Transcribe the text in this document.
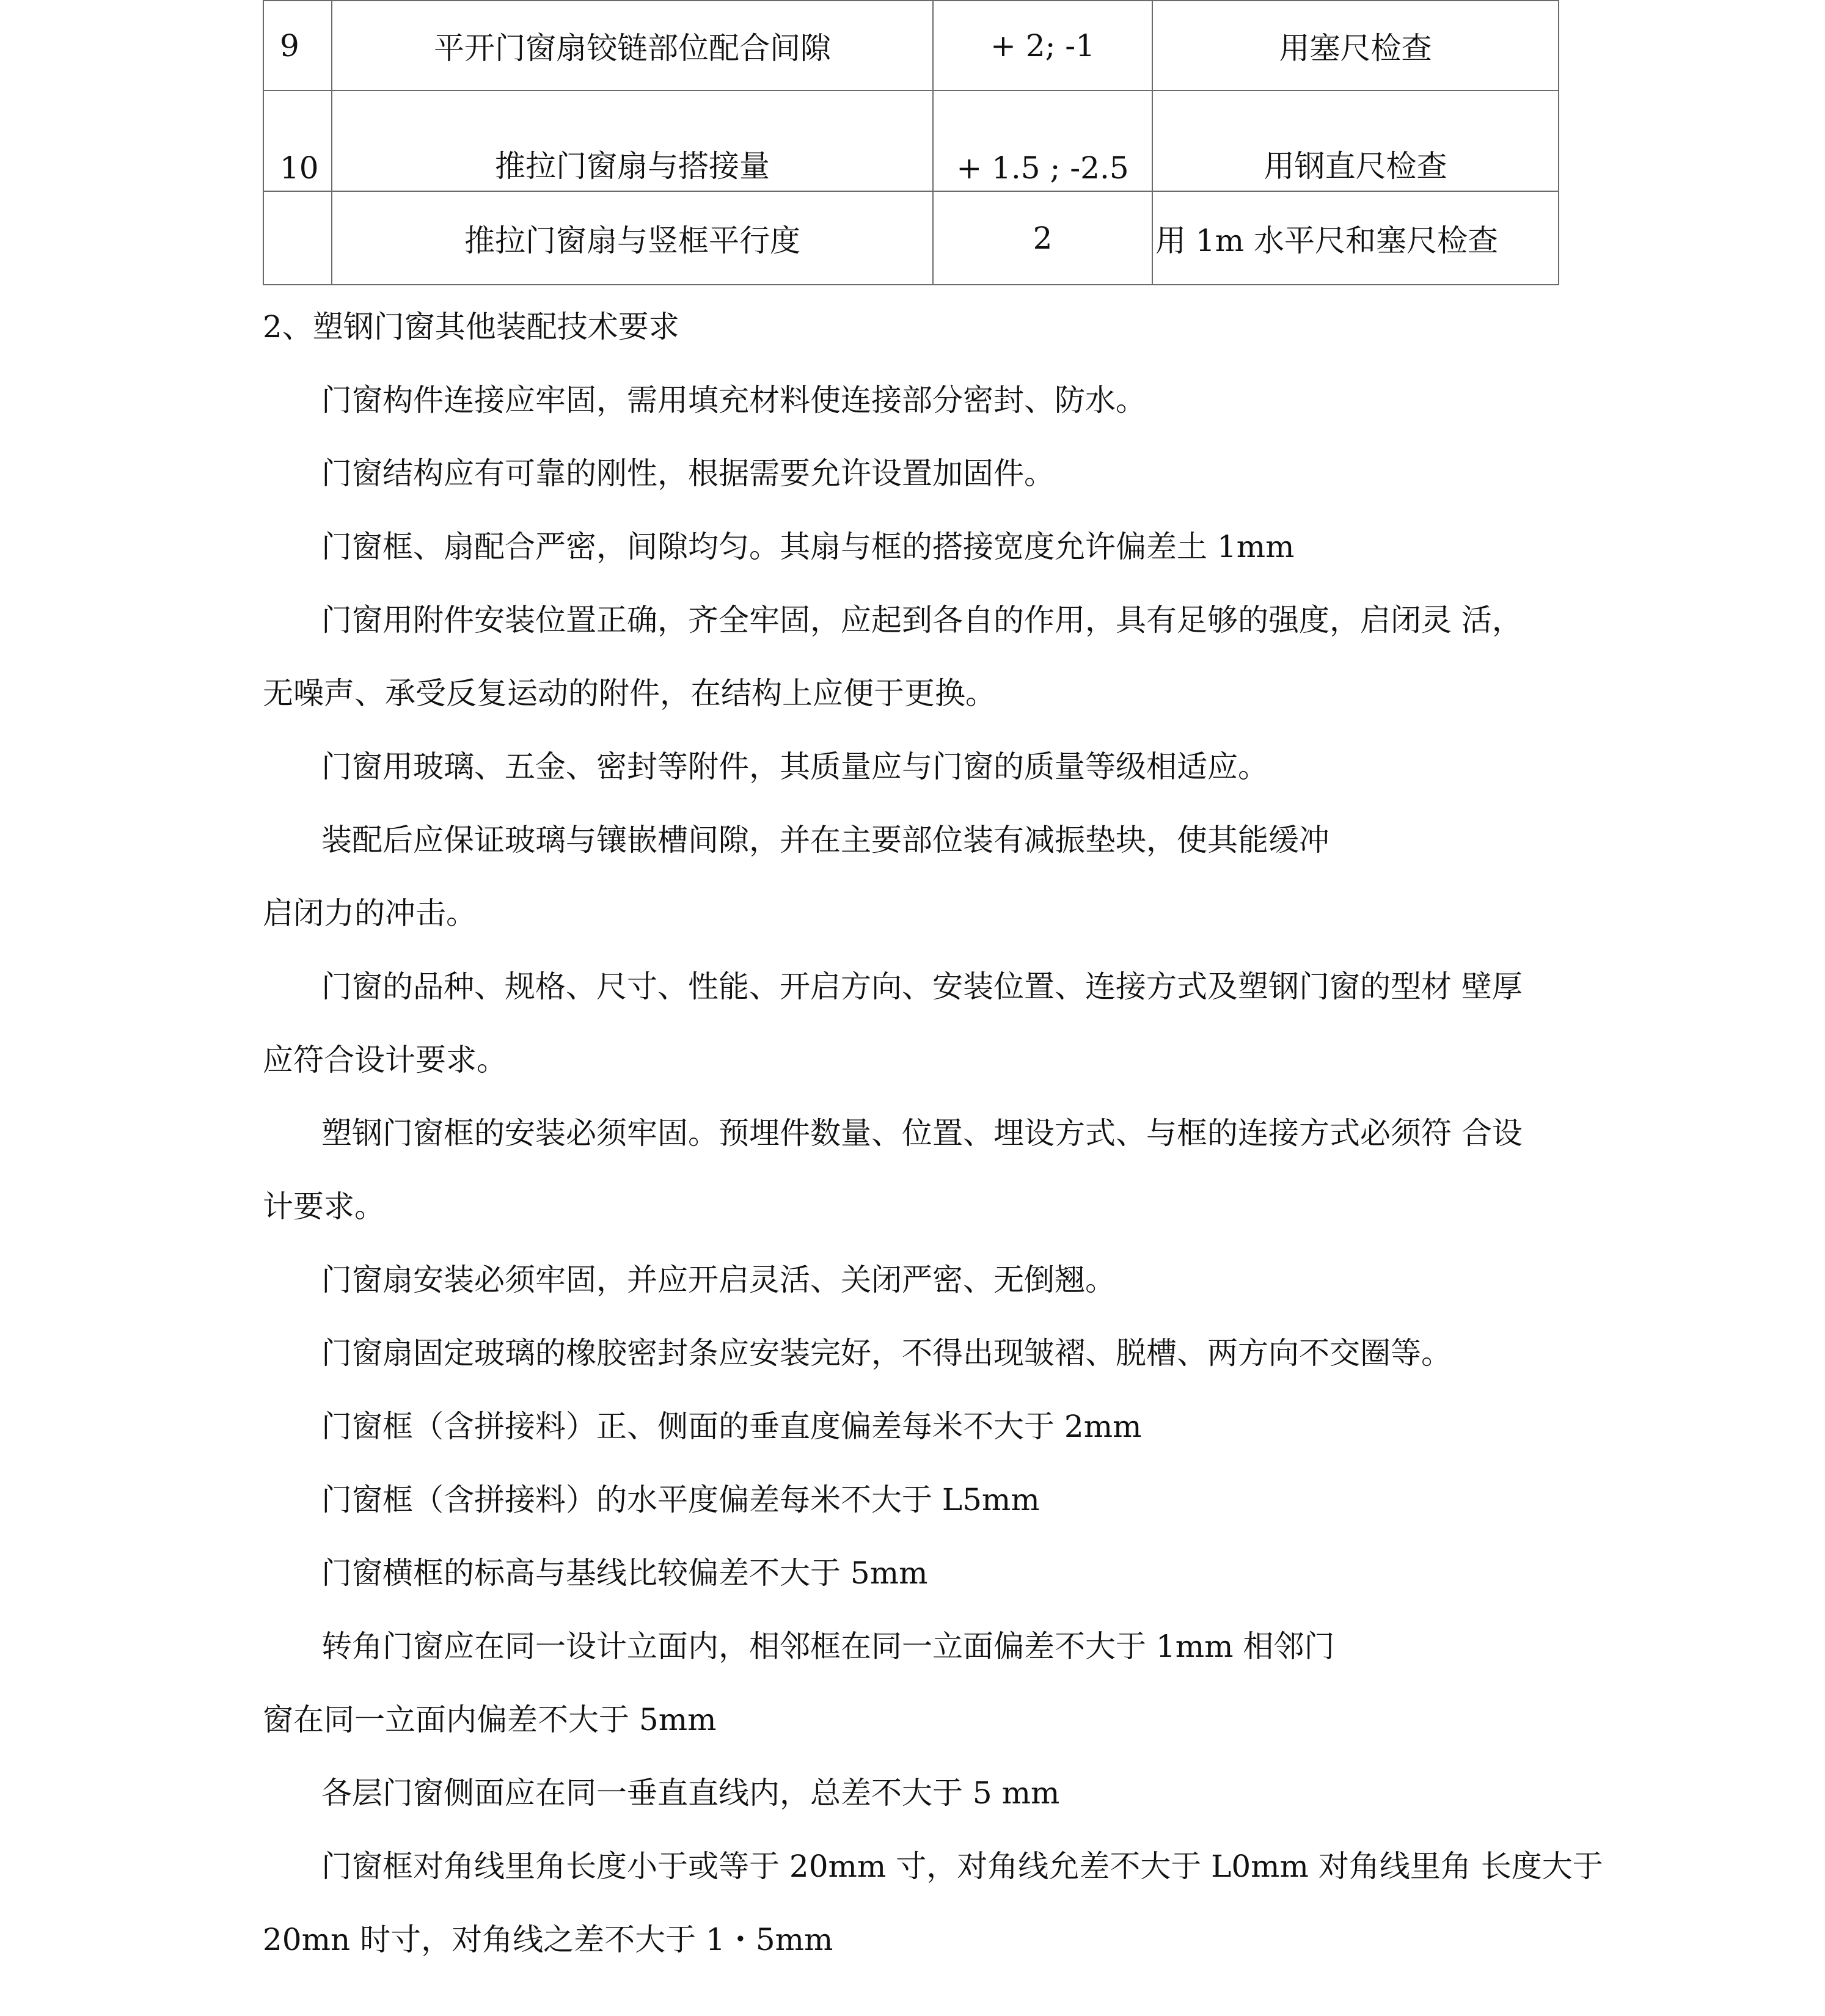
9	平开门窗扇铰链部位配合间隙	+ 2; -1	用塞尺检查
10	推拉门窗扇与搭接量	+ 1.5 ; -2.5	用钢直尺检查
	推拉门窗扇与竖框平行度	2	用 1m 水平尺和塞尺检查
2、塑钢门窗其他装配技术要求
门窗构件连接应牢固，需用填充材料使连接部分密封、防水。
门窗结构应有可靠的刚性，根据需要允许设置加固件。
门窗框、扇配合严密，间隙均匀。其扇与框的搭接宽度允许偏差土 1mm
门窗用附件安装位置正确，齐全牢固，应起到各自的作用，具有足够的强度，启闭灵 活，
无噪声、承受反复运动的附件，在结构上应便于更换。
门窗用玻璃、五金、密封等附件，其质量应与门窗的质量等级相适应。
装配后应保证玻璃与镶嵌槽间隙，并在主要部位装有减振垫块，使其能缓冲
启闭力的冲击。
门窗的品种、规格、尺寸、性能、开启方向、安装位置、连接方式及塑钢门窗的型材 壁厚
应符合设计要求。
塑钢门窗框的安装必须牢固。预埋件数量、位置、埋设方式、与框的连接方式必须符 合设
计要求。
门窗扇安装必须牢固，并应开启灵活、关闭严密、无倒翘。
门窗扇固定玻璃的橡胶密封条应安装完好，不得出现皱褶、脱槽、两方向不交圈等。
门窗框（含拼接料）正、侧面的垂直度偏差每米不大于 2mm
门窗框（含拼接料）的水平度偏差每米不大于 L5mm
门窗横框的标高与基线比较偏差不大于 5mm
转角门窗应在同一设计立面内，相邻框在同一立面偏差不大于 1mm 相邻门
窗在同一立面内偏差不大于 5mm
各层门窗侧面应在同一垂直直线内，总差不大于 5 mm
门窗框对角线里角长度小于或等于 20mm 寸，对角线允差不大于 L0mm 对角线里角 长度大于
20mn 时寸，对角线之差不大于 1・5mm
